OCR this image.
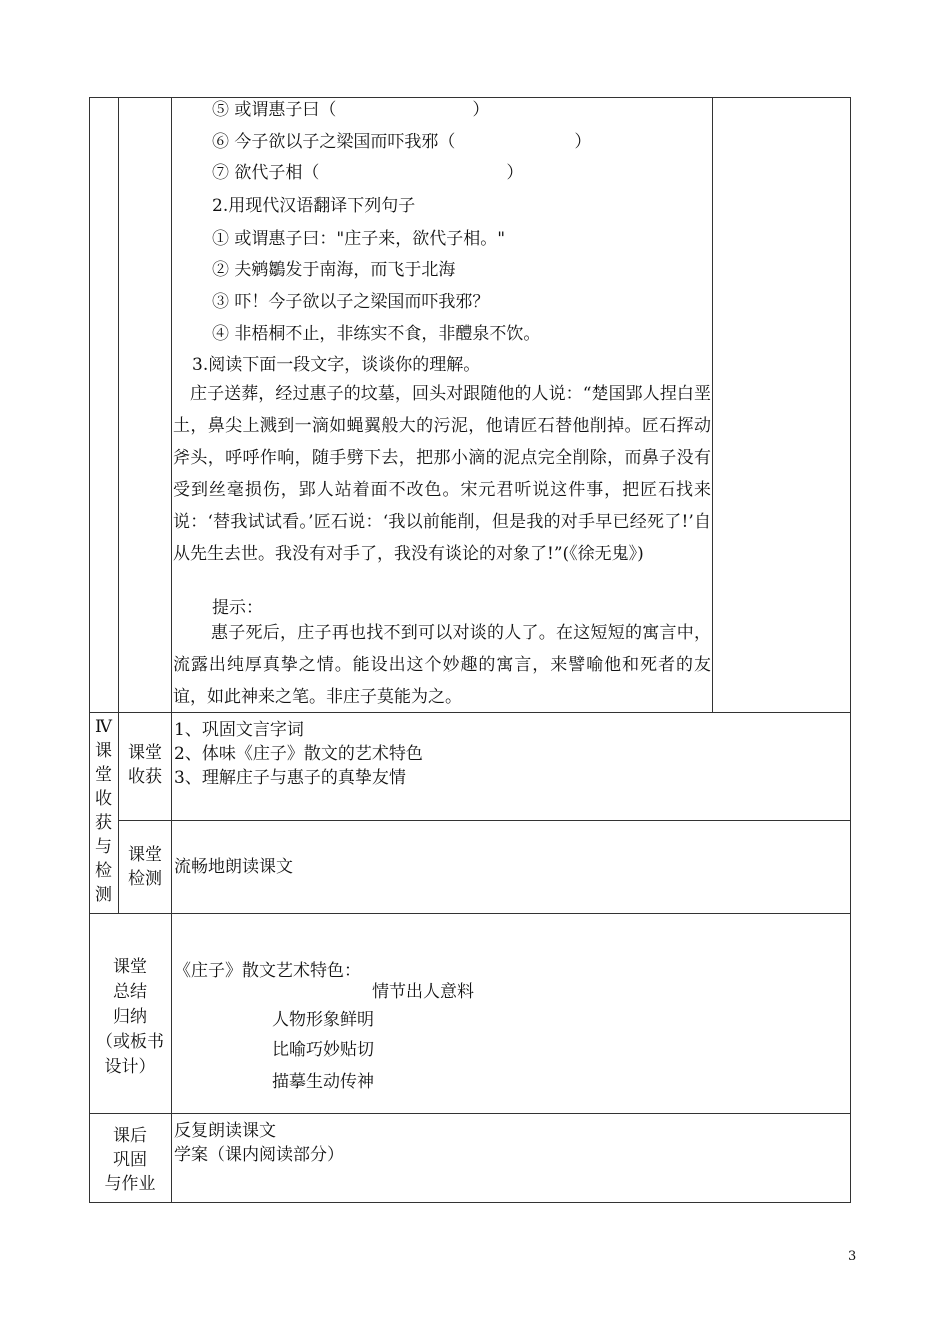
⑤ 或谓惠子曰（　　　　　　　　）
⑥ 今子欲以子之梁国而吓我邪（　　　　　　　）
⑦ 欲代子相（　　　　　　　　　　　）
2.用现代汉语翻译下列句子
① 或谓惠子曰："庄子来，欲代子相。"
② 夫鹓鶵发于南海，而飞于北海
③ 吓！今子欲以子之梁国而吓我邪？
④ 非梧桐不止，非练实不食，非醴泉不饮。
3.阅读下面一段文字，谈谈你的理解。
庄子送葬，经过惠子的坟墓，回头对跟随他的人说：“楚国郢人捏白垩土，鼻尖上溅到一滴如蝇翼般大的污泥，他请匠石替他削掉。匠石挥动斧头，呼呼作响，随手劈下去，把那小滴的泥点完全削除，而鼻子没有受到丝毫损伤，郢人站着面不改色。宋元君听说这件事，把匠石找来说：‘替我试试看。’匠石说：‘我以前能削，但是我的对手早已经死了!’自从先生去世。我没有对手了，我没有谈论的对象了!”(《徐无鬼》)
提示：
惠子死后，庄子再也找不到可以对谈的人了。在这短短的寓言中，流露出纯厚真挚之情。能设出这个妙趣的寓言，来譬喻他和死者的友谊，如此神来之笔。非庄子莫能为之。
Ⅳ
课
堂
收
获
与
检
测
课堂
收获
1、巩固文言字词
2、体味《庄子》散文的艺术特色
3、理解庄子与惠子的真挚友情
课堂
检测
流畅地朗读课文
课堂
总结
归纳
（或板书
设计）
《庄子》散文艺术特色：
情节出人意料
人物形象鲜明
比喻巧妙贴切
描摹生动传神
课后
巩固
与作业
反复朗读课文
学案（课内阅读部分）
3
